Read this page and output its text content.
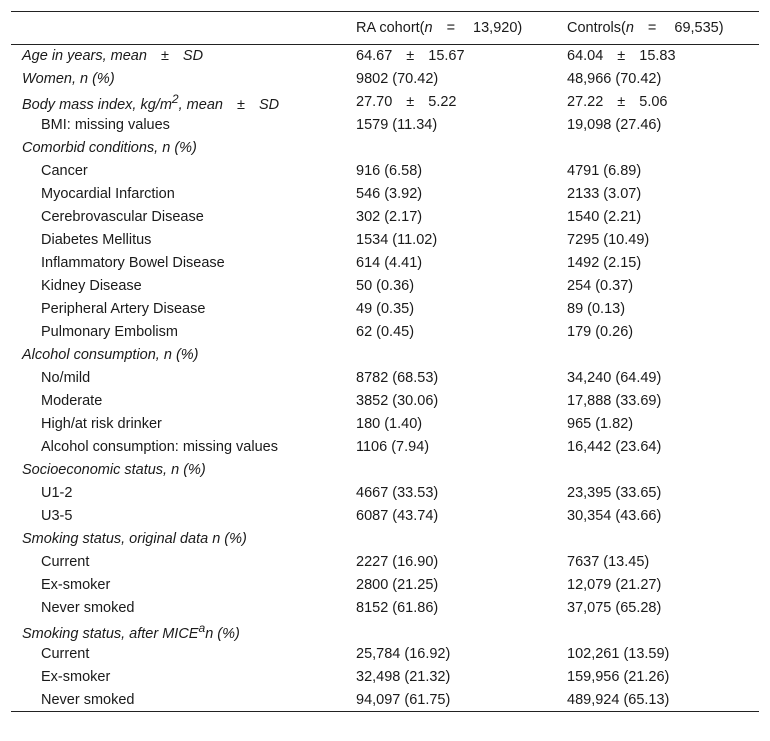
	RA cohort(n = 13,920)	Controls(n = 69,535)
Age in years, mean ± SD	64.67 ± 15.67	64.04 ± 15.83
Women, n (%)	9802 (70.42)	48,966 (70.42)
Body mass index, $kg/m^2$, mean ± SD	27.70 ± 5.22	27.22 ± 5.06
BMI: missing values	1579 (11.34)	19,098 (27.46)
Comorbid conditions, n (%)		
Cancer	916 (6.58)	4791 (6.89)
Myocardial Infarction	546 (3.92)	2133 (3.07)
Cerebrovascular Disease	302 (2.17)	1540 (2.21)
Diabetes Mellitus	1534 (11.02)	7295 (10.49)
Inflammatory Bowel Disease	614 (4.41)	1492 (2.15)
Kidney Disease	50 (0.36)	254 (0.37)
Peripheral Artery Disease	49 (0.35)	89 (0.13)
Pulmonary Embolism	62 (0.45)	179 (0.26)
Alcohol consumption, n (%)		
No/mild	8782 (68.53)	34,240 (64.49)
Moderate	3852 (30.06)	17,888 (33.69)
High/at risk drinker	180 (1.40)	965 (1.82)
Alcohol consumption: missing values	1106 (7.94)	16,442 (23.64)
Socioeconomic status, n (%)		
U1-2	4667 (33.53)	23,395 (33.65)
U3-5	6087 (43.74)	30,354 (43.66)
Smoking status, original data n (%)		
Current	2227 (16.90)	7637 (13.45)
Ex-smoker	2800 (21.25)	12,079 (21.27)
Never smoked	8152 (61.86)	37,075 (65.28)
Smoking status, after MICE$^a$n (%)		
Current	25,784 (16.92)	102,261 (13.59)
Ex-smoker	32,498 (21.32)	159,956 (21.26)
Never smoked	94,097 (61.75)	489,924 (65.13)
